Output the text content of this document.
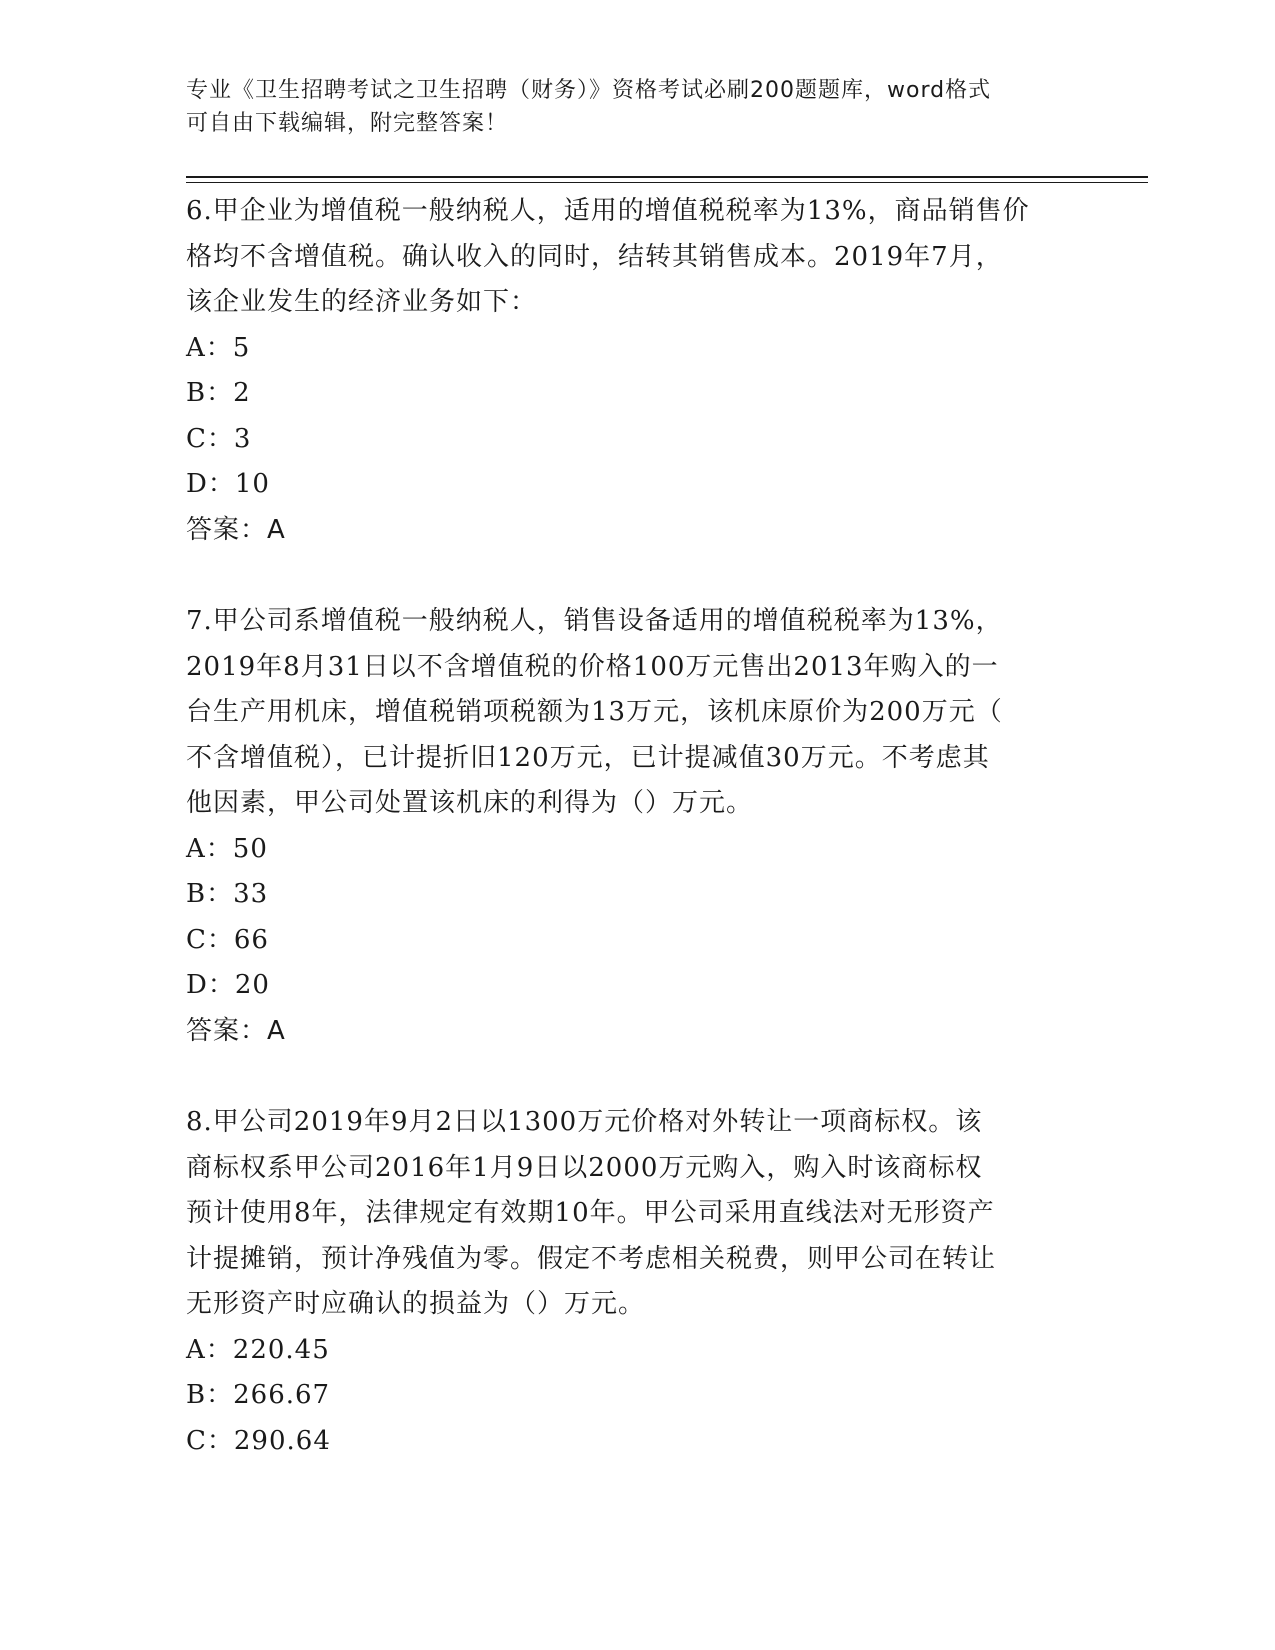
专业《卫生招聘考试之卫生招聘（财务）》资格考试必刷200题题库，word格式
可自由下载编辑，附完整答案！
6.甲企业为增值税一般纳税人，适用的增值税税率为13%，商品销售价
格均不含增值税。确认收入的同时，结转其销售成本。2019年7月，
该企业发生的经济业务如下：
A：5
B：2
C：3
D：10
答案：A
7.甲公司系增值税一般纳税人，销售设备适用的增值税税率为13%，
2019年8月31日以不含增值税的价格100万元售出2013年购入的一
台生产用机床，增值税销项税额为13万元，该机床原价为200万元（
不含增值税），已计提折旧120万元，已计提减值30万元。不考虑其
他因素，甲公司处置该机床的利得为（）万元。
A：50
B：33
C：66
D：20
答案：A
8.甲公司2019年9月2日以1300万元价格对外转让一项商标权。该
商标权系甲公司2016年1月9日以2000万元购入，购入时该商标权
预计使用8年，法律规定有效期10年。甲公司采用直线法对无形资产
计提摊销，预计净残值为零。假定不考虑相关税费，则甲公司在转让
无形资产时应确认的损益为（）万元。
A：220.45
B：266.67
C：290.64
